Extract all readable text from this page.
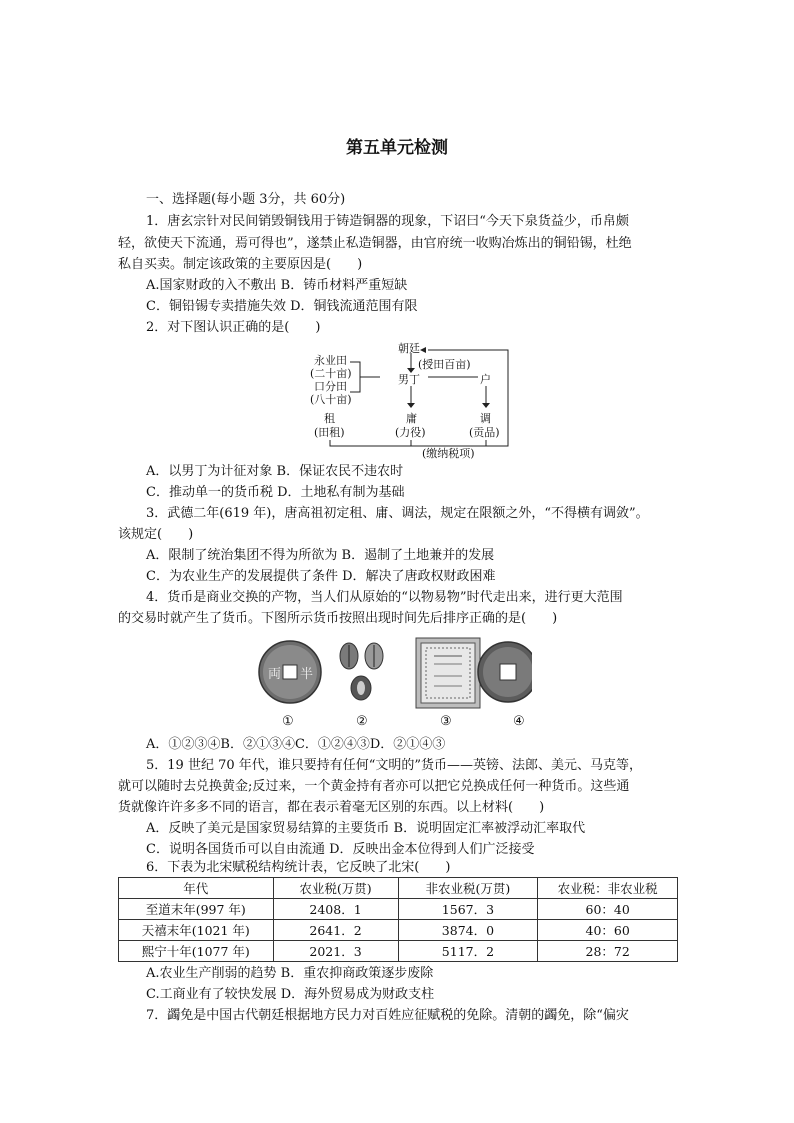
第五单元检测
一、选择题(每小题 3分，共 60分)
1．唐玄宗针对民间销毁铜钱用于铸造铜器的现象，下诏曰“今天下泉货益少，币帛颇
轻，欲使天下流通，焉可得也”，遂禁止私造铜器，由官府统一收购冶炼出的铜铅锡，杜绝
私自买卖。制定该政策的主要原因是(　　)
A.国家财政的入不敷出 B．铸币材料严重短缺
C．铜铅锡专卖措施失效 D．铜钱流通范围有限
2．对下图认识正确的是(　　)
朝廷
(授田百亩)
永业田
(二十亩)
口分田
(八十亩)
男丁	户
租
(田租)
庸
(力役)
调
(贡品)
(缴纳税项)
A．以男丁为计征对象 B．保证农民不违农时
C．推动单一的货币税 D．土地私有制为基础
3．武德二年(619 年)，唐高祖初定租、庸、调法，规定在限额之外，“不得横有调敛”。
该规定(　　)
A．限制了统治集团不得为所欲为 B．遏制了土地兼并的发展
C．为农业生产的发展提供了条件 D．解决了唐政权财政困难
4．货币是商业交换的产物，当人们从原始的“以物易物”时代走出来，进行更大范围
的交易时就产生了货币。下图所示货币按照出现时间先后排序正确的是(　　)
両 半
①	②	③	④
A．①②③④B．②①③④C．①②④③D．②①④③
5．19 世纪 70 年代，谁只要持有任何“文明的”货币——英镑、法郎、美元、马克等，
就可以随时去兑换黄金;反过来，一个黄金持有者亦可以把它兑换成任何一种货币。这些通
货就像许许多多不同的语言，都在表示着毫无区别的东西。以上材料(　　)
A．反映了美元是国家贸易结算的主要货币 B．说明固定汇率被浮动汇率取代
C．说明各国货币可以自由流通 D．反映出金本位得到人们广泛接受
6．下表为北宋赋税结构统计表，它反映了北宋(　　)
年代	农业税(万贯)	非农业税(万贯)	农业税：非农业税
至道末年(997 年)	2408．1	1567．3	60：40
天禧末年(1021 年)	2641．2	3874．0	40：60
熙宁十年(1077 年)	2021．3	5117．2	28：72
A.农业生产削弱的趋势 B．重农抑商政策逐步废除
C.工商业有了较快发展 D．海外贸易成为财政支柱
7．蠲免是中国古代朝廷根据地方民力对百姓应征赋税的免除。清朝的蠲免，除“偏灾
